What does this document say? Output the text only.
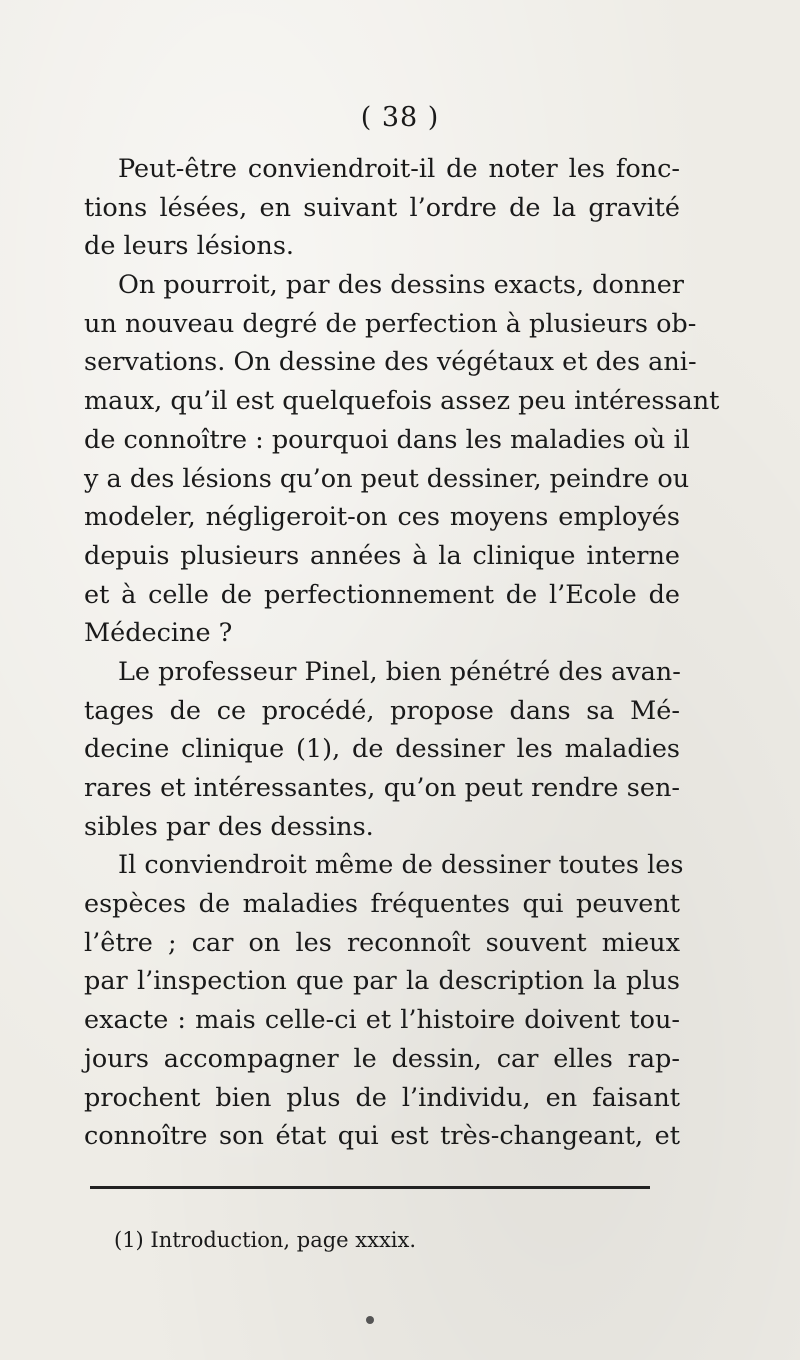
( 38 )
Peut-être conviendroit-il de noter les fonc-
tions lésées, en suivant l’ordre de la gravité
de leurs lésions.
On pourroit, par des dessins exacts, donner
un nouveau degré de perfection à plusieurs ob-
servations. On dessine des végétaux et des ani-
maux, qu’il est quelquefois assez peu intéressant
de connoître : pourquoi dans les maladies où il
y a des lésions qu’on peut dessiner, peindre ou
modeler, négligeroit-on ces moyens employés
depuis plusieurs années à la clinique interne
et à celle de perfectionnement de l’Ecole de
Médecine ?
Le professeur Pinel, bien pénétré des avan-
tages de ce procédé, propose dans sa Mé-
decine clinique (1), de dessiner les maladies
rares et intéressantes, qu’on peut rendre sen-
sibles par des dessins.
Il conviendroit même de dessiner toutes les
espèces de maladies fréquentes qui peuvent
l’être ; car on les reconnoît souvent mieux
par l’inspection que par la description la plus
exacte : mais celle-ci et l’histoire doivent tou-
jours accompagner le dessin, car elles rap-
prochent bien plus de l’individu, en faisant
connoître son état qui est très-changeant, et
(1) Introduction, page xxxix.
